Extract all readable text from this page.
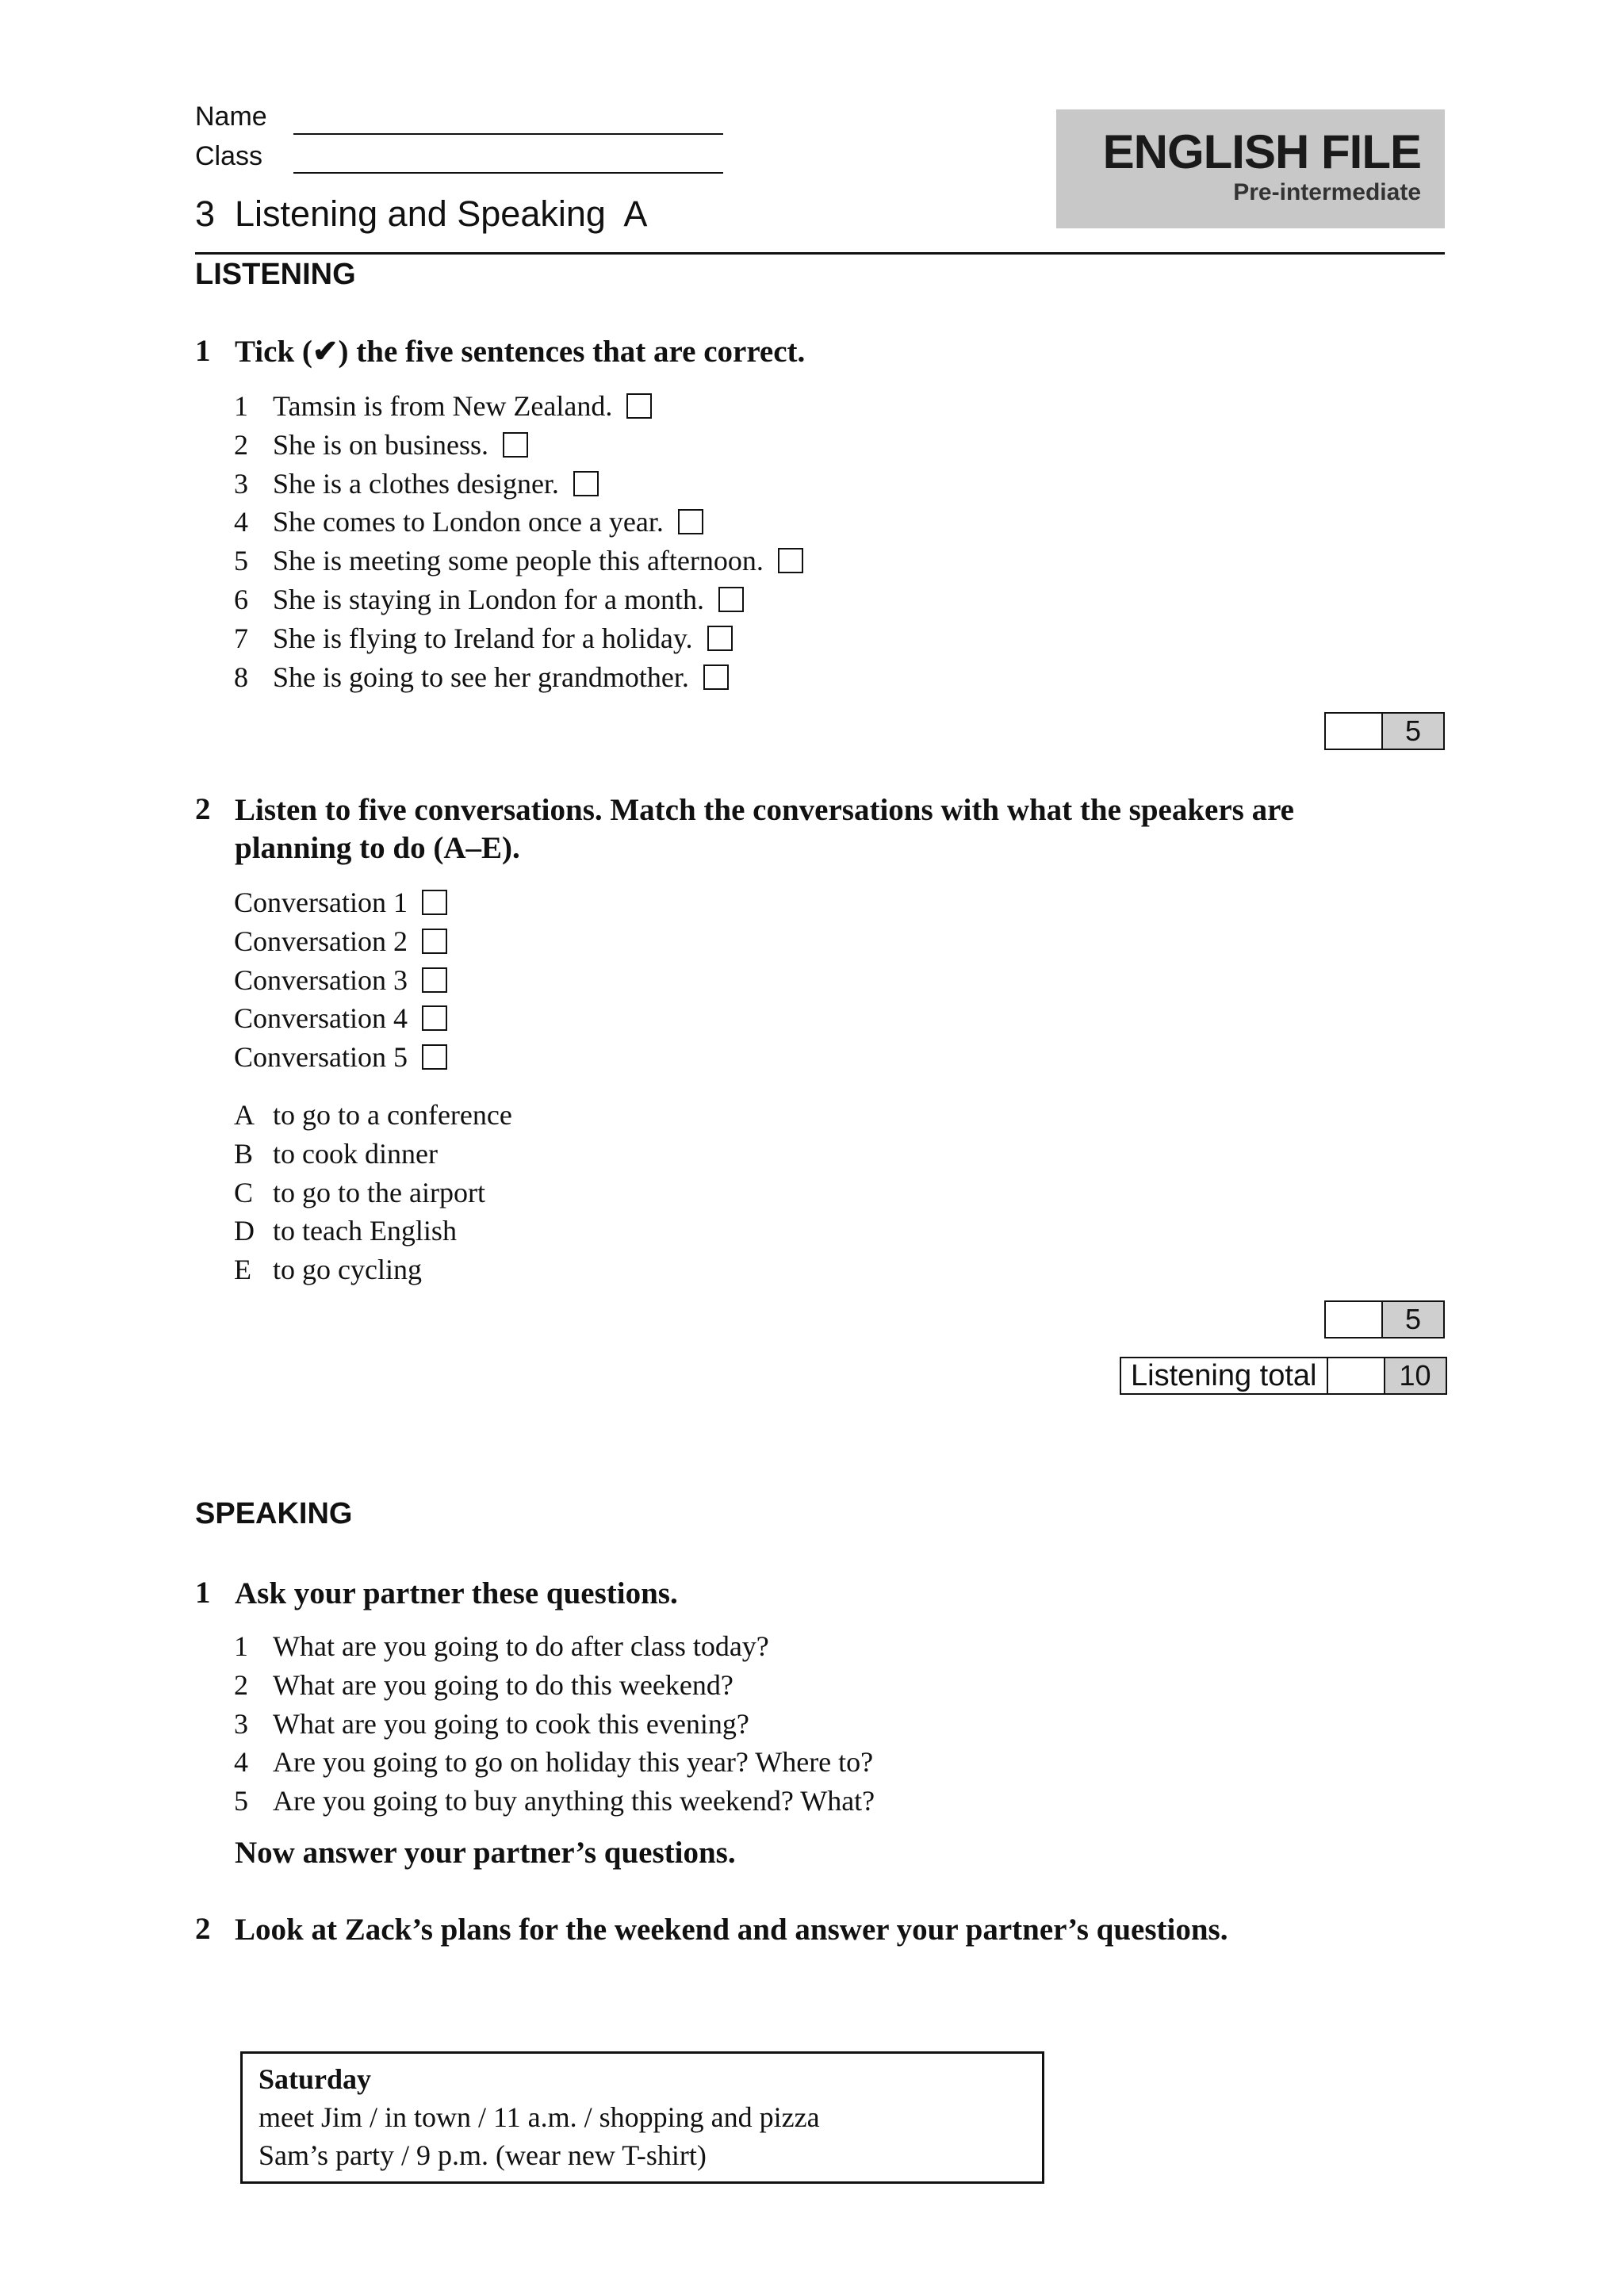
Name
Class	ENGLISH FILE
Pre-intermediate
3  Listening and Speaking  A
LISTENING
1 Tick (✔) the five sentences that are correct.
1 Tamsin is from New Zealand.
2 She is on business.
3 She is a clothes designer.
4 She comes to London once a year.
5 She is meeting some people this afternoon.
6 She is staying in London for a month.
7 She is flying to Ireland for a holiday.
8 She is going to see her grandmother.
5
2 Listen to five conversations. Match the conversations with what the speakers are
planning to do (A–E).
Conversation 1
Conversation 2
Conversation 3
Conversation 4
Conversation 5
A to go to a conference
B to cook dinner
C to go to the airport
D to teach English
E to go cycling
5
Listening total	10
SPEAKING
1 Ask your partner these questions.
1 What are you going to do after class today?
2 What are you going to do this weekend?
3 What are you going to cook this evening?
4 Are you going to go on holiday this year? Where to?
5 Are you going to buy anything this weekend? What?
Now answer your partner’s questions.
2 Look at Zack’s plans for the weekend and answer your partner’s questions.
Saturday
meet Jim / in town / 11 a.m. / shopping and pizza
Sam’s party / 9 p.m. (wear new T-shirt)
